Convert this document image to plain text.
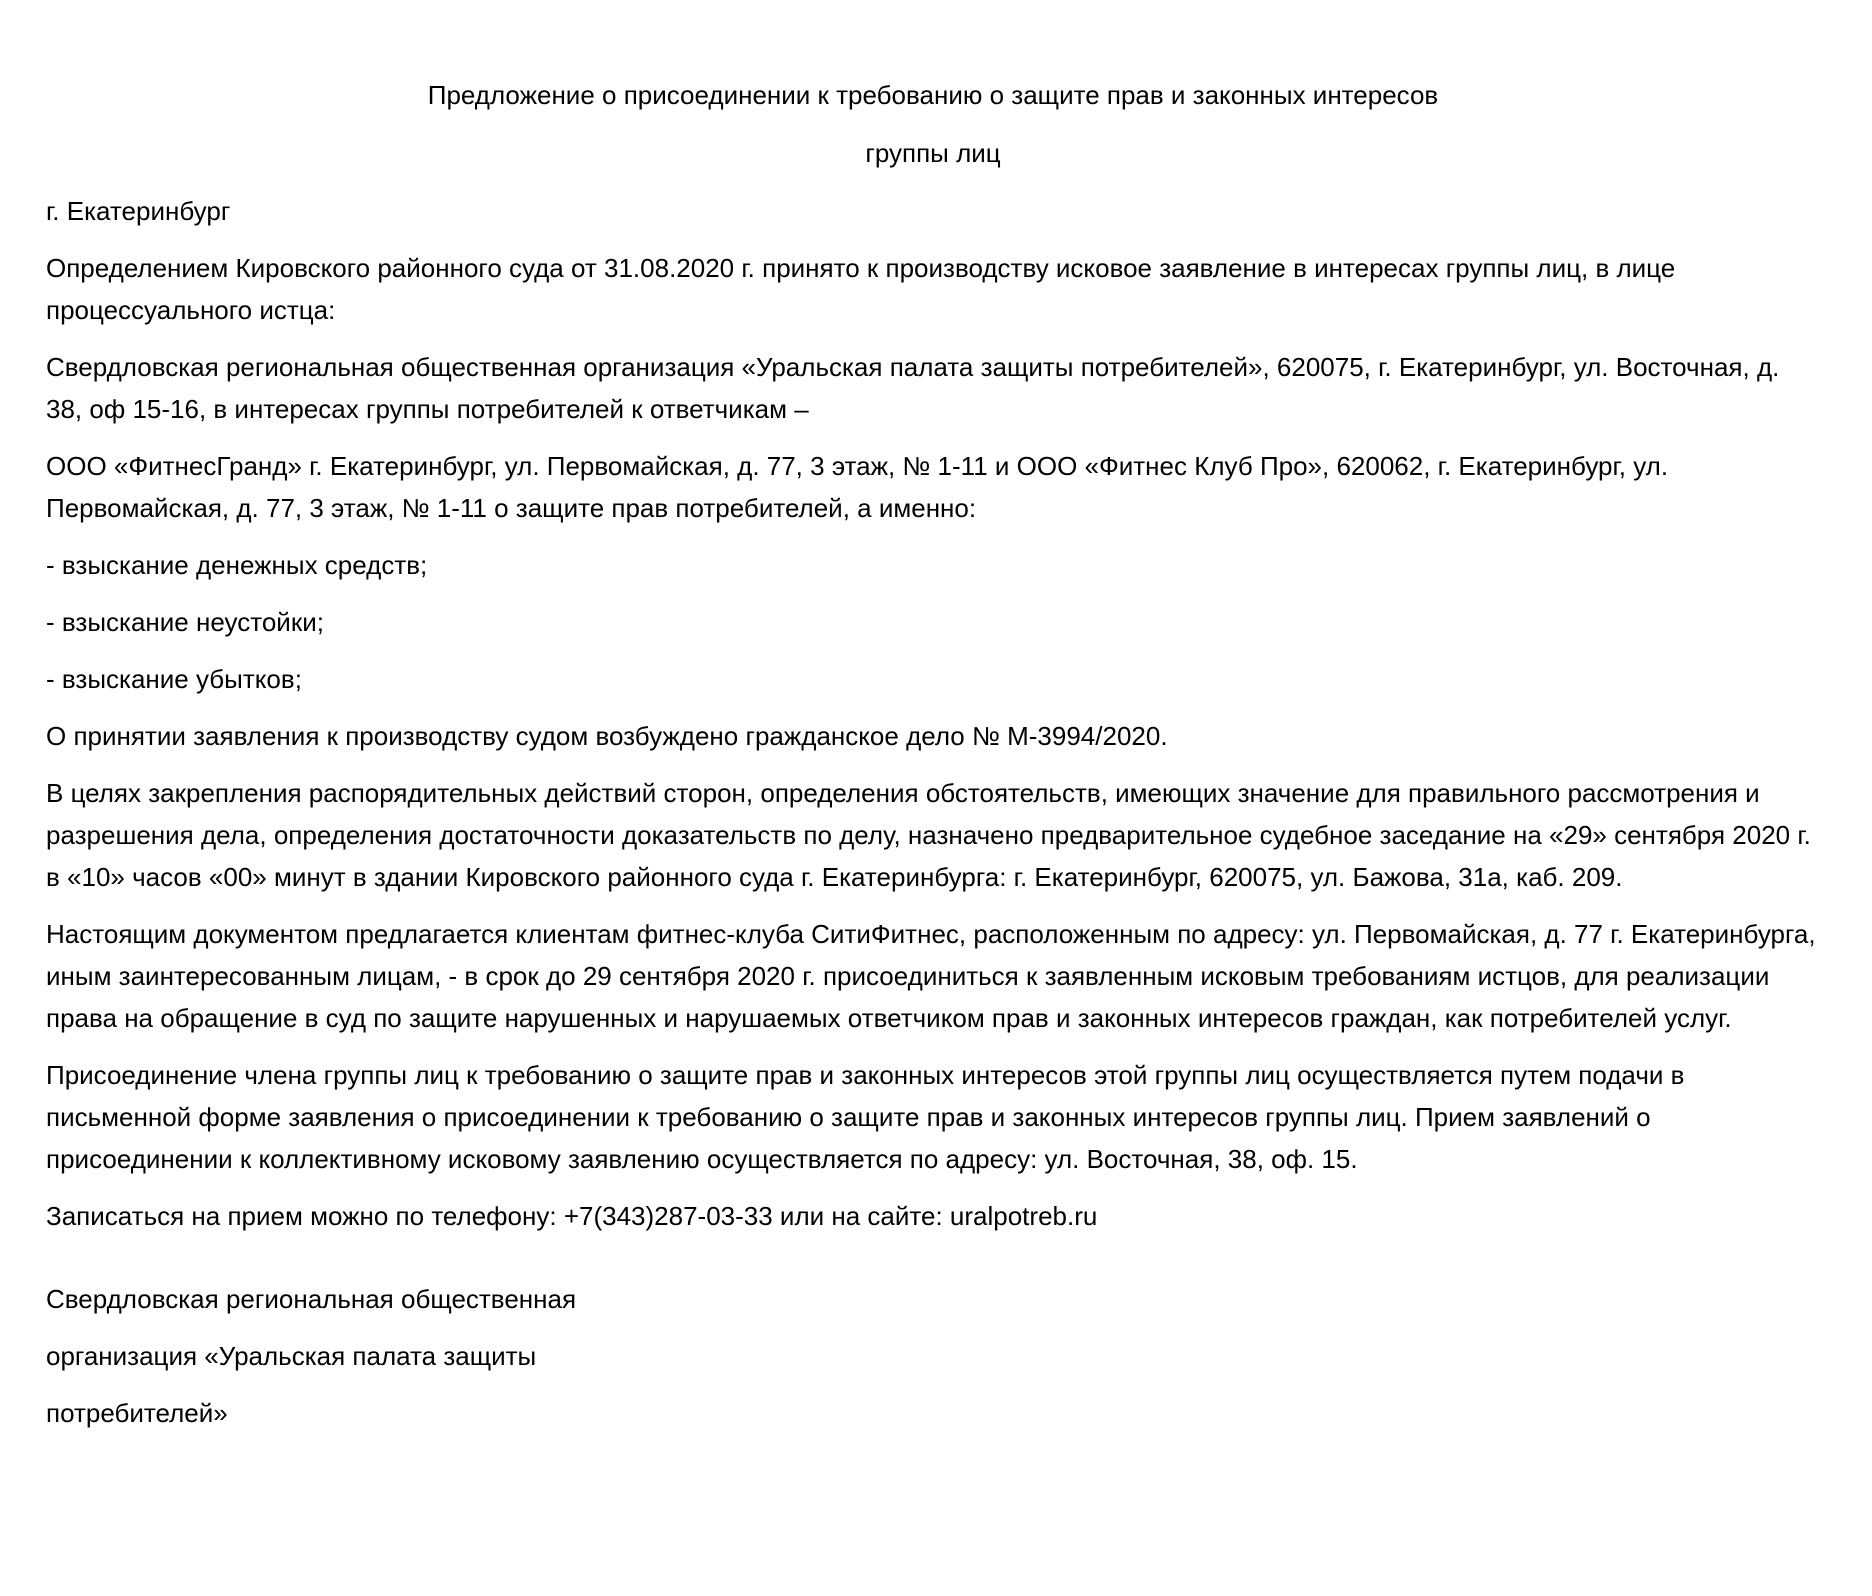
Предложение о присоединении к требованию о защите прав и законных интересов

группы лиц

г. Екатеринбург

Определением Кировского районного суда от 31.08.2020 г. принято к производству исковое заявление в интересах группы лиц, в лице процессуального истца:

Свердловская региональная общественная организация «Уральская палата защиты потребителей», 620075, г. Екатеринбург, ул. Восточная, д. 38, оф 15-16, в интересах группы потребителей к ответчикам –

ООО «ФитнесГранд» г. Екатеринбург, ул. Первомайская, д. 77, 3 этаж, № 1-11 и ООО «Фитнес Клуб Про», 620062, г. Екатеринбург, ул. Первомайская, д. 77, 3 этаж, № 1-11 о защите прав потребителей, а именно:

- взыскание денежных средств;

- взыскание неустойки;

- взыскание убытков;

О принятии заявления к производству судом возбуждено гражданское дело № М-3994/2020.

В целях закрепления распорядительных действий сторон, определения обстоятельств, имеющих значение для правильного рассмотрения и разрешения дела, определения достаточности доказательств по делу, назначено предварительное судебное заседание на «29» сентября 2020 г. в «10» часов «00» минут в здании Кировского районного суда г. Екатеринбурга: г. Екатеринбург, 620075, ул. Бажова, 31а, каб. 209.

Настоящим документом предлагается клиентам фитнес-клуба СитиФитнес, расположенным по адресу: ул. Первомайская, д. 77 г. Екатеринбурга, иным заинтересованным лицам, - в срок до 29 сентября 2020 г. присоединиться к заявленным исковым требованиям истцов, для реализации права на обращение в суд по защите нарушенных и нарушаемых ответчиком прав и законных интересов граждан, как потребителей услуг.

Присоединение члена группы лиц к требованию о защите прав и законных интересов этой группы лиц осуществляется путем подачи в письменной форме заявления о присоединении к требованию о защите прав и законных интересов группы лиц. Прием заявлений о присоединении к коллективному исковому заявлению осуществляется по адресу: ул. Восточная, 38, оф. 15.

Записаться на прием можно по телефону: +7(343)287-03-33 или на сайте: uralpotreb.ru

Свердловская региональная общественная

организация «Уральская палата защиты

потребителей»
